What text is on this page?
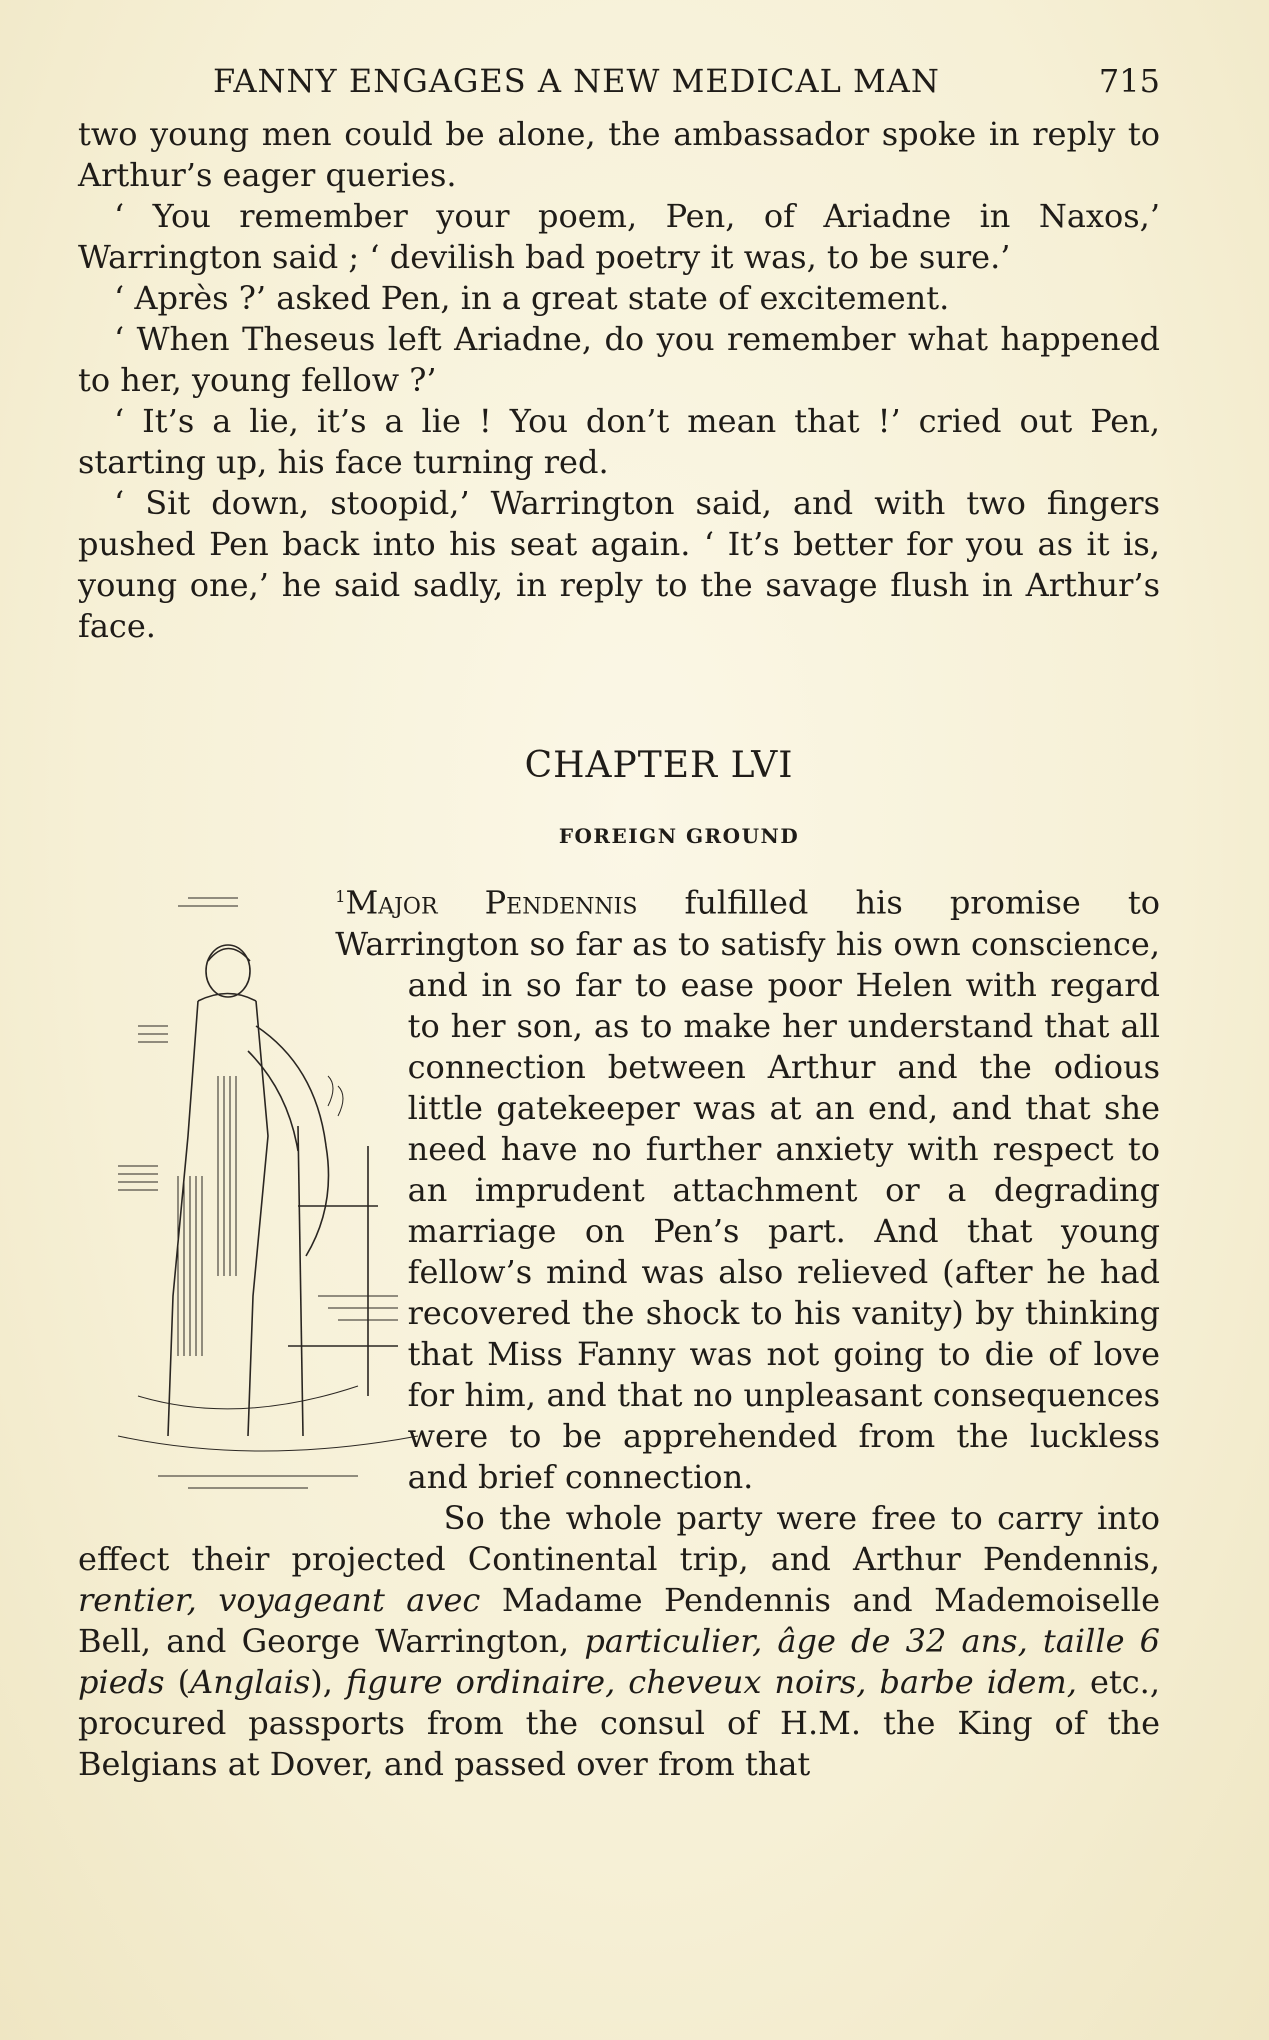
FANNY ENGAGES A NEW MEDICAL MAN	715

two young men could be alone, the ambassador spoke in reply to Arthur’s eager queries.

‘ You remember your poem, Pen, of Ariadne in Naxos,’ Warrington said ; ‘ devilish bad poetry it was, to be sure.’

‘ Après ?’ asked Pen, in a great state of excitement.

‘ When Theseus left Ariadne, do you remember what happened to her, young fellow ?’

‘ It’s a lie, it’s a lie ! You don’t mean that !’ cried out Pen, starting up, his face turning red.

‘ Sit down, stoopid,’ Warrington said, and with two fingers pushed Pen back into his seat again. ‘ It’s better for you as it is, young one,’ he said sadly, in reply to the savage flush in Arthur’s face.

CHAPTER LVI
FOREIGN GROUND

$^1$Major Pendennis fulfilled his promise to Warrington so far as to satisfy his own conscience, and in so far to ease poor Helen with regard to her son, as to make her understand that all connection between Arthur and the odious little gatekeeper was at an end, and that she need have no further anxiety with respect to an imprudent attachment or a degrading marriage on Pen’s part. And that young fellow’s mind was also relieved (after he had recovered the shock to his vanity) by thinking that Miss Fanny was not going to die of love for him, and that no unpleasant consequences were to be apprehended from the luckless and brief connection.

So the whole party were free to carry into effect their projected Continental trip, and Arthur Pendennis, rentier, voyageant avec Madame Pendennis and Mademoiselle Bell, and George Warrington, particulier, âge de 32 ans, taille 6 pieds (Anglais), figure ordinaire, cheveux noirs, barbe idem, etc., procured passports from the consul of H.M. the King of the Belgians at Dover, and passed over from that
